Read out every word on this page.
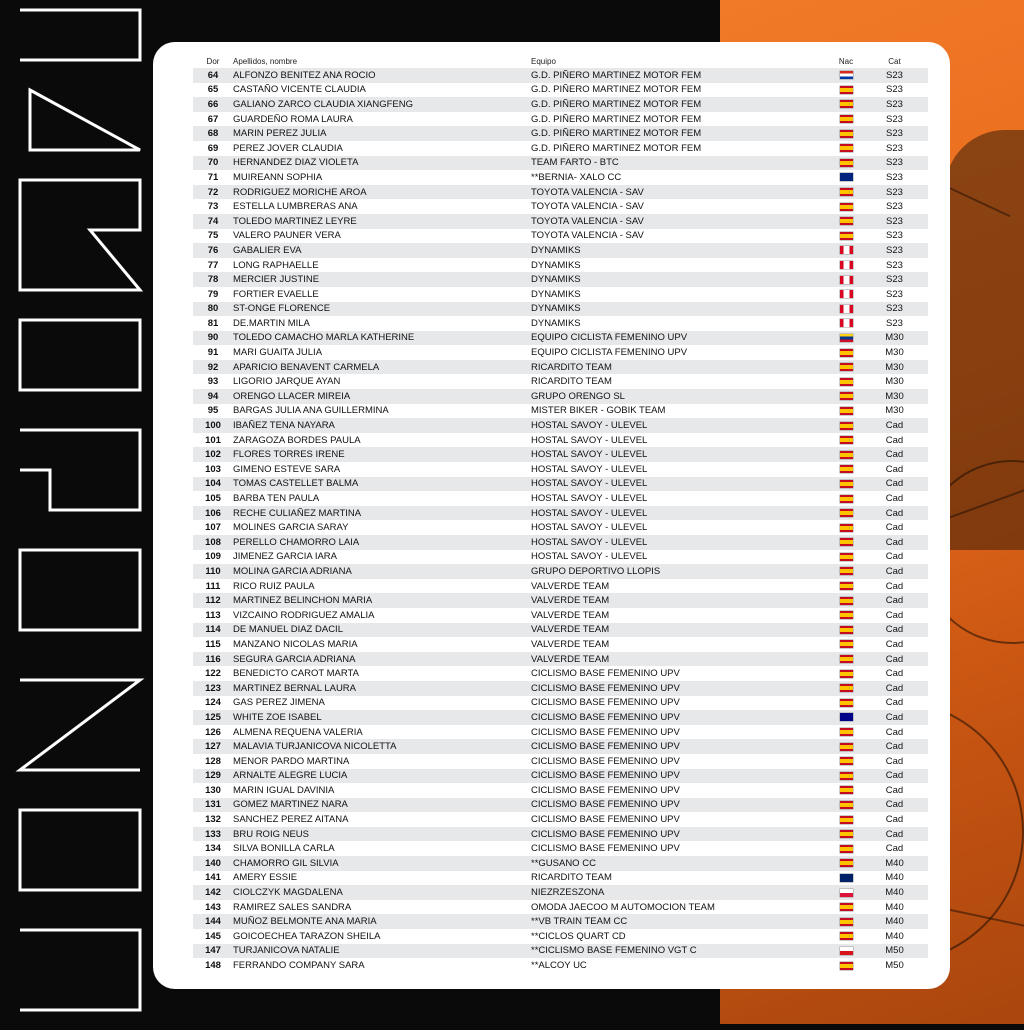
Dor	Apellidos, nombre	Equipo	Nac	Cat
64	ALFONZO BENITEZ ANA ROCIO	G.D. PIÑERO MARTINEZ MOTOR FEM		S23
65	CASTAÑO VICENTE CLAUDIA	G.D. PIÑERO MARTINEZ MOTOR FEM		S23
66	GALIANO ZARCO CLAUDIA XIANGFENG	G.D. PIÑERO MARTINEZ MOTOR FEM		S23
67	GUARDEÑO ROMA LAURA	G.D. PIÑERO MARTINEZ MOTOR FEM		S23
68	MARIN PEREZ JULIA	G.D. PIÑERO MARTINEZ MOTOR FEM		S23
69	PEREZ JOVER CLAUDIA	G.D. PIÑERO MARTINEZ MOTOR FEM		S23
70	HERNANDEZ DIAZ VIOLETA	TEAM FARTO - BTC		S23
71	MUIREANN SOPHIA	**BERNIA- XALO CC		S23
72	RODRIGUEZ MORICHE AROA	TOYOTA VALENCIA - SAV		S23
73	ESTELLA LUMBRERAS ANA	TOYOTA VALENCIA - SAV		S23
74	TOLEDO MARTINEZ LEYRE	TOYOTA VALENCIA - SAV		S23
75	VALERO PAUNER VERA	TOYOTA VALENCIA - SAV		S23
76	GABALIER EVA	DYNAMIKS		S23
77	LONG RAPHAELLE	DYNAMIKS		S23
78	MERCIER JUSTINE	DYNAMIKS		S23
79	FORTIER EVAELLE	DYNAMIKS		S23
80	ST-ONGE FLORENCE	DYNAMIKS		S23
81	DE.MARTIN MILA	DYNAMIKS		S23
90	TOLEDO CAMACHO MARLA KATHERINE	EQUIPO CICLISTA FEMENINO UPV		M30
91	MARI GUAITA JULIA	EQUIPO CICLISTA FEMENINO UPV		M30
92	APARICIO BENAVENT CARMELA	RICARDITO TEAM		M30
93	LIGORIO JARQUE AYAN	RICARDITO TEAM		M30
94	ORENGO LLACER MIREIA	GRUPO ORENGO SL		M30
95	BARGAS JULIA ANA GUILLERMINA	MISTER BIKER - GOBIK TEAM		M30
100	IBAÑEZ TENA NAYARA	HOSTAL SAVOY - ULEVEL		Cad
101	ZARAGOZA BORDES PAULA	HOSTAL SAVOY - ULEVEL		Cad
102	FLORES TORRES IRENE	HOSTAL SAVOY - ULEVEL		Cad
103	GIMENO ESTEVE SARA	HOSTAL SAVOY - ULEVEL		Cad
104	TOMAS CASTELLET BALMA	HOSTAL SAVOY - ULEVEL		Cad
105	BARBA TEN PAULA	HOSTAL SAVOY - ULEVEL		Cad
106	RECHE CULIAÑEZ MARTINA	HOSTAL SAVOY - ULEVEL		Cad
107	MOLINES GARCIA SARAY	HOSTAL SAVOY - ULEVEL		Cad
108	PERELLO CHAMORRO LAIA	HOSTAL SAVOY - ULEVEL		Cad
109	JIMENEZ GARCIA IARA	HOSTAL SAVOY - ULEVEL		Cad
110	MOLINA GARCIA ADRIANA	GRUPO DEPORTIVO LLOPIS		Cad
111	RICO RUIZ PAULA	VALVERDE TEAM		Cad
112	MARTINEZ BELINCHON MARIA	VALVERDE TEAM		Cad
113	VIZCAINO RODRIGUEZ AMALIA	VALVERDE TEAM		Cad
114	DE MANUEL DIAZ DACIL	VALVERDE TEAM		Cad
115	MANZANO NICOLAS MARIA	VALVERDE TEAM		Cad
116	SEGURA GARCIA ADRIANA	VALVERDE TEAM		Cad
122	BENEDICTO CAROT MARTA	CICLISMO BASE FEMENINO UPV		Cad
123	MARTINEZ BERNAL LAURA	CICLISMO BASE FEMENINO UPV		Cad
124	GAS PEREZ JIMENA	CICLISMO BASE FEMENINO UPV		Cad
125	WHITE ZOE ISABEL	CICLISMO BASE FEMENINO UPV		Cad
126	ALMENA REQUENA VALERIA	CICLISMO BASE FEMENINO UPV		Cad
127	MALAVIA TURJANICOVA NICOLETTA	CICLISMO BASE FEMENINO UPV		Cad
128	MENOR PARDO MARTINA	CICLISMO BASE FEMENINO UPV		Cad
129	ARNALTE ALEGRE LUCIA	CICLISMO BASE FEMENINO UPV		Cad
130	MARIN IGUAL DAVINIA	CICLISMO BASE FEMENINO UPV		Cad
131	GOMEZ MARTINEZ NARA	CICLISMO BASE FEMENINO UPV		Cad
132	SANCHEZ PEREZ AITANA	CICLISMO BASE FEMENINO UPV		Cad
133	BRU ROIG NEUS	CICLISMO BASE FEMENINO UPV		Cad
134	SILVA BONILLA CARLA	CICLISMO BASE FEMENINO UPV		Cad
140	CHAMORRO GIL SILVIA	**GUSANO CC		M40
141	AMERY ESSIE	RICARDITO TEAM		M40
142	CIOLCZYK MAGDALENA	NIEZRZESZONA		M40
143	RAMIREZ SALES SANDRA	OMODA JAECOO M AUTOMOCION TEAM		M40
144	MUÑOZ BELMONTE ANA MARIA	**VB TRAIN TEAM CC		M40
145	GOICOECHEA TARAZON SHEILA	**CICLOS QUART CD		M40
147	TURJANICOVA NATALIE	**CICLISMO BASE FEMENINO VGT C		M50
148	FERRANDO COMPANY SARA	**ALCOY UC		M50
